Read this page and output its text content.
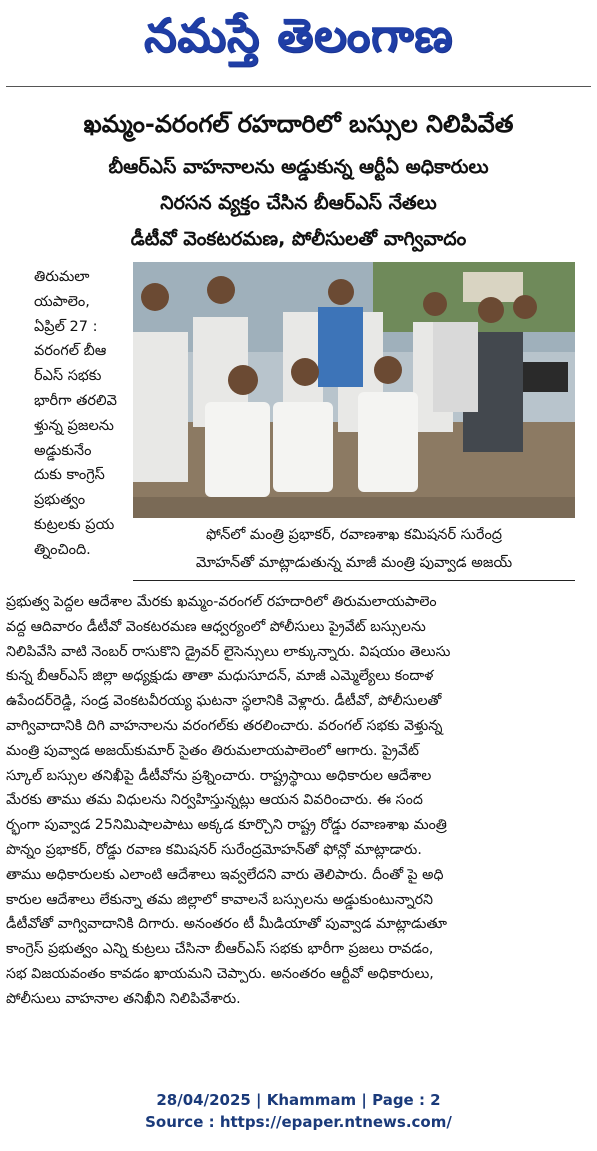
నమస్తే తెలంగాణ
ఖమ్మం-వరంగల్ రహదారిలో బస్సుల నిలిపివేత
బీఆర్ఎస్ వాహనాలను అడ్డుకున్న ఆర్టీఏ అధికారులు
నిరసన వ్యక్తం చేసిన బీఆర్ఎస్ నేతలు
డీటీవో వెంకటరమణ, పోలీసులతో వాగ్వివాదం
తిరుమలా
యపాలెం,
ఏప్రిల్ 27 :
వరంగల్ బీఆ
ర్ఎస్ సభకు
భారీగా తరలివె
ళ్తున్న ప్రజలను
అడ్డుకునేం
దుకు కాంగ్రెస్
ప్రభుత్వం
కుట్రలకు ప్రయ
త్నించింది.
ఫోన్‌లో మంత్రి ప్రభాకర్, రవాణశాఖ కమిషనర్ సురేంద్ర
మోహన్‌తో మాట్లాడుతున్న మాజీ మంత్రి పువ్వాడ అజయ్
ప్రభుత్వ పెద్దల ఆదేశాల మేరకు ఖమ్మం-వరంగల్ రహదారిలో తిరుమలాయపాలెం
వద్ద ఆదివారం డీటీవో వెంకటరమణ ఆధ్వర్యంలో పోలీసులు ప్రైవేట్ బస్సులను
నిలిపివేసి వాటి నెంబర్ రాసుకొని డ్రైవర్ లైసెన్సులు లాక్కున్నారు. విషయం తెలుసు
కున్న బీఆర్ఎస్ జిల్లా అధ్యక్షుడు తాతా మధుసూదన్, మాజీ ఎమ్మెల్యేలు కందాళ
ఉపేందర్‌రెడ్డి, సండ్ర వెంకటవీరయ్య ఘటనా స్థలానికి వెళ్లారు. డీటీవో, పోలీసులతో
వాగ్వివాదానికి దిగి వాహనాలను వరంగల్‌కు తరలించారు. వరంగల్ సభకు వెళ్తున్న
మంత్రి పువ్వాడ అజయ్‌కుమార్ సైతం తిరుమలాయపాలెంలో ఆగారు. ప్రైవేట్
స్కూల్ బస్సుల తనిఖీపై డీటీవోను ప్రశ్నించారు. రాష్ట్రస్థాయి అధికారుల ఆదేశాల
మేరకు తాము తమ విధులను నిర్వహిస్తున్నట్లు ఆయన వివరించారు. ఈ సంద
ర్భంగా పువ్వాడ 25నిమిషాలపాటు అక్కడ కూర్చొని రాష్ట్ర రోడ్డు రవాణశాఖ మంత్రి
పొన్నం ప్రభాకర్, రోడ్డు రవాణ కమిషనర్ సురేంద్రమోహన్‌తో ఫోన్లో మాట్లాడారు.
తాము అధికారులకు ఎలాంటి ఆదేశాలు ఇవ్వలేదని వారు తెలిపారు. దీంతో పై అధి
కారుల ఆదేశాలు లేకున్నా తమ జిల్లాలో కావాలనే బస్సులను అడ్డుకుంటున్నారని
డీటీవోతో వాగ్వివాదానికి దిగారు. అనంతరం టీ మీడియాతో పువ్వాడ మాట్లాడుతూ
కాంగ్రెస్ ప్రభుత్వం ఎన్ని కుట్రలు చేసినా బీఆర్ఎస్ సభకు భారీగా ప్రజలు రావడం,
సభ విజయవంతం కావడం ఖాయమని చెప్పారు. అనంతరం ఆర్టీవో అధికారులు,
పోలీసులు వాహనాల తనిఖీని నిలిపివేశారు.
28/04/2025 | Khammam | Page : 2
Source : https://epaper.ntnews.com/
